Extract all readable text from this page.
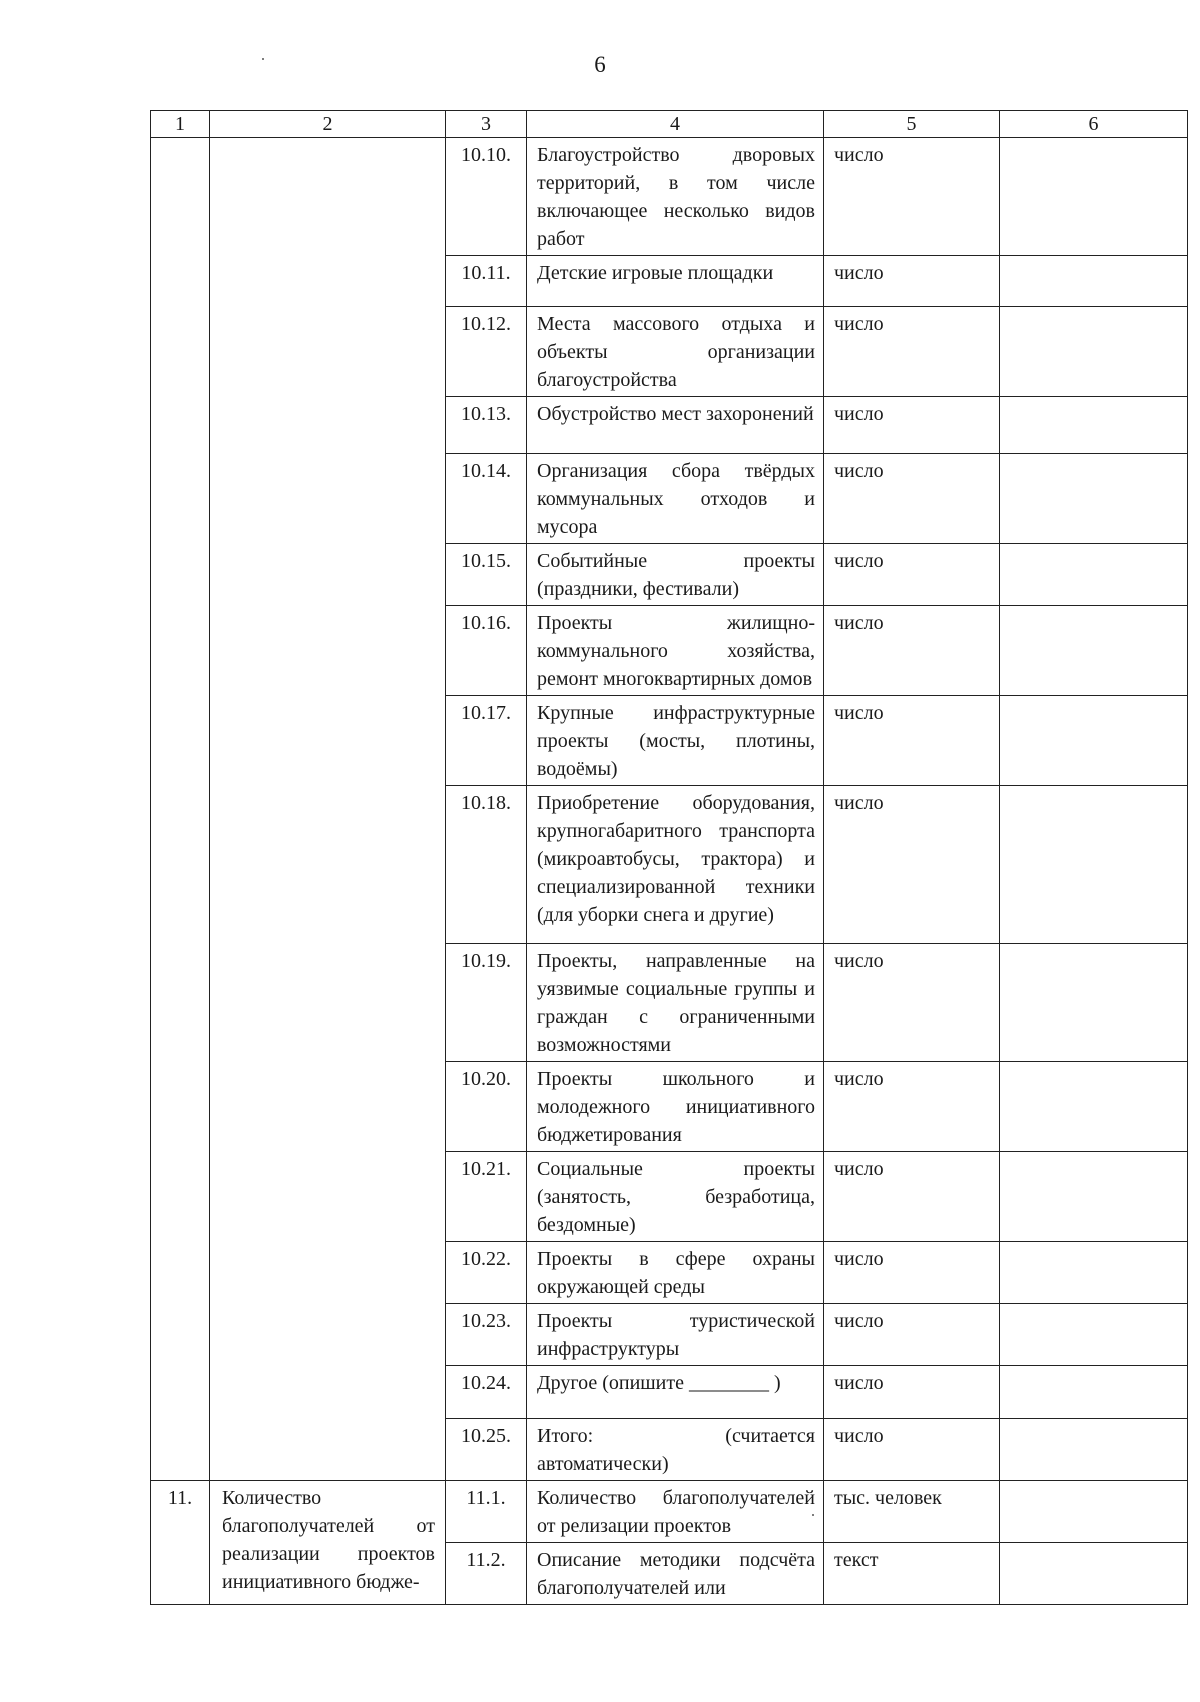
6
1	2	3	4	5	6
		10.10.	Благоустройство дворовых территорий, в том числе включающее несколько видов работ	число	
		10.11.	Детские игровые площадки	число	
		10.12.	Места массового отдыха и объекты организации благоустройства	число	
		10.13.	Обустройство мест захоронений	число	
		10.14.	Организация сбора твёрдых коммунальных отходов и мусора	число	
		10.15.	Событийные проекты (праздники, фестивали)	число	
		10.16.	Проекты жилищно-коммунального хозяйства, ремонт многоквартирных домов	число	
		10.17.	Крупные инфраструктурные проекты (мосты, плотины, водоёмы)	число	
		10.18.	Приобретение оборудования, крупногабаритного транспорта (микроавтобусы, трактора) и специализированной техники (для уборки снега и другие)	число	
		10.19.	Проекты, направленные на уязвимые социальные группы и граждан с ограниченными возможностями	число	
		10.20.	Проекты школьного и молодежного инициативного бюджетирования	число	
		10.21.	Социальные проекты (занятость, безработица, бездомные)	число	
		10.22.	Проекты в сфере охраны окружающей среды	число	
		10.23.	Проекты туристической инфраструктуры	число	
		10.24.	Другое (опишите ________ )	число	
		10.25.	Итого: (считается автоматически)	число	
11.	Количество благополучателей от реализации проектов инициативного бюдже-	11.1.	Количество благополучателей от релизации проектов	тыс. человек	
		11.2.	Описание методики подсчёта благополучателей или	текст	
